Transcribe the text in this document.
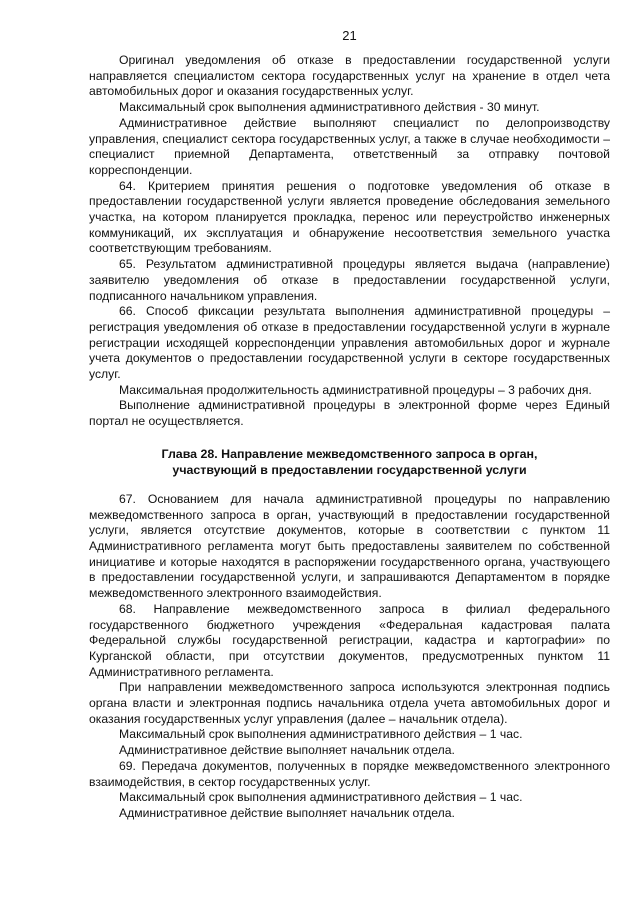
21

Оригинал уведомления об отказе в предоставлении государственной услуги направляется специалистом сектора государственных услуг на хранение в отдел чета автомобильных дорог и оказания государственных услуг.

Максимальный срок выполнения административного действия - 30 минут.

Административное действие выполняют специалист по делопроизводству управления, специалист сектора государственных услуг, а также в случае необходимости – специалист приемной Департамента, ответственный за отправку почтовой корреспонденции.

64. Критерием принятия решения о подготовке уведомления об отказе в предоставлении государственной услуги является проведение обследования земельного участка, на котором планируется прокладка, перенос или переустройство инженерных коммуникаций, их эксплуатация и обнаружение несоответствия земельного участка соответствующим требованиям.

65. Результатом административной процедуры является выдача (направление) заявителю уведомления об отказе в предоставлении государственной услуги, подписанного начальником управления.

66. Способ фиксации результата выполнения административной процедуры – регистрация уведомления об отказе в предоставлении государственной услуги в журнале регистрации исходящей корреспонденции управления автомобильных дорог и журнале учета документов о предоставлении государственной услуги в секторе государственных услуг.

Максимальная продолжительность административной процедуры – 3 рабочих дня.

Выполнение административной процедуры в электронной форме через Единый портал не осуществляется.

Глава 28. Направление межведомственного запроса в орган,
участвующий в предоставлении государственной услуги

67. Основанием для начала административной процедуры по направлению межведомственного запроса в орган, участвующий в предоставлении государственной услуги, является отсутствие документов, которые в соответствии с пунктом 11 Административного регламента могут быть предоставлены заявителем по собственной инициативе и которые находятся в распоряжении государственного органа, участвующего в предоставлении государственной услуги, и запрашиваются Департаментом в порядке межведомственного электронного взаимодействия.

68. Направление межведомственного запроса в филиал федерального государственного бюджетного учреждения «Федеральная кадастровая палата Федеральной службы государственной регистрации, кадастра и картографии» по Курганской области, при отсутствии документов, предусмотренных пунктом 11 Административного регламента.

При направлении межведомственного запроса используются электронная подпись органа власти и электронная подпись начальника отдела учета автомобильных дорог и оказания государственных услуг управления (далее – начальник отдела).

Максимальный срок выполнения административного действия – 1 час.

Административное действие выполняет начальник отдела.

69. Передача документов, полученных в порядке межведомственного электронного взаимодействия, в сектор государственных услуг.

Максимальный срок выполнения административного действия – 1 час.

Административное действие выполняет начальник отдела.
